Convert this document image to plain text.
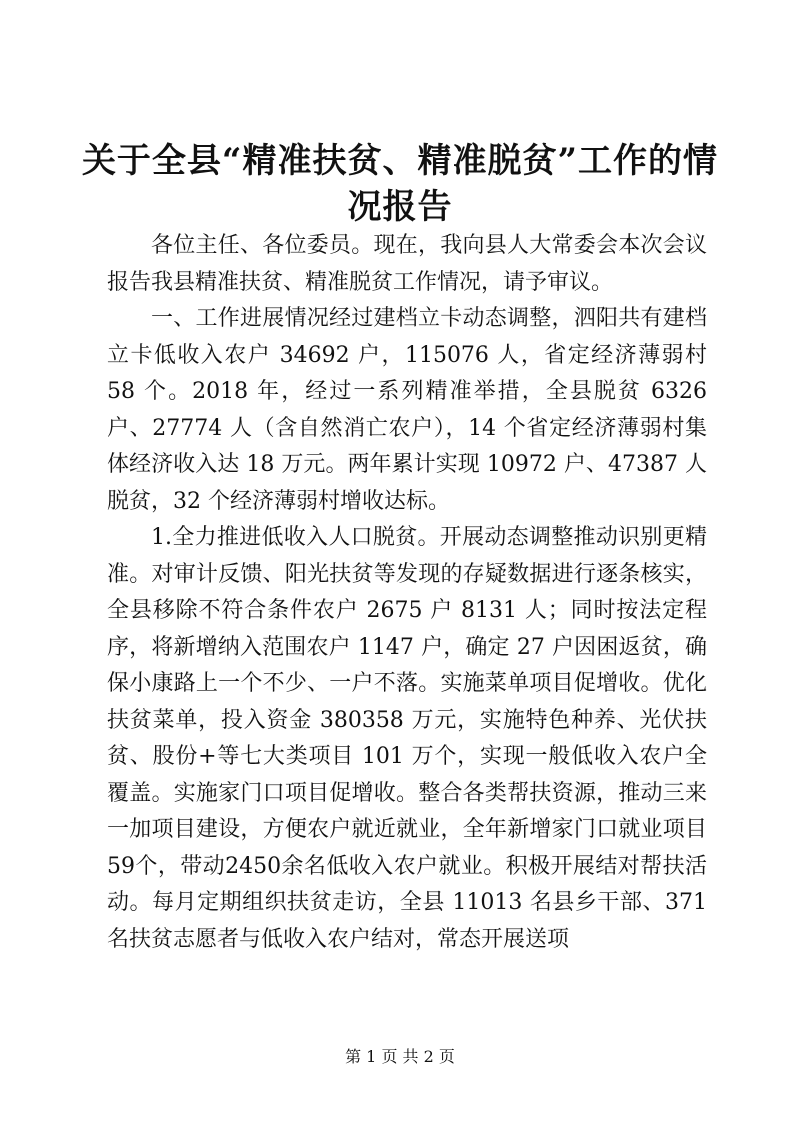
关于全县“精准扶贫、精准脱贫”工作的情况报告

各位主任、各位委员。现在，我向县人大常委会本次会议报告我县精准扶贫、精准脱贫工作情况，请予审议。

一、工作进展情况经过建档立卡动态调整，泗阳共有建档立卡低收入农户 34692 户，115076 人，省定经济薄弱村 58 个。2018 年，经过一系列精准举措，全县脱贫 6326 户、27774 人（含自然消亡农户），14 个省定经济薄弱村集体经济收入达 18 万元。两年累计实现 10972 户、47387 人脱贫，32 个经济薄弱村增收达标。

1.全力推进低收入人口脱贫。开展动态调整推动识别更精准。对审计反馈、阳光扶贫等发现的存疑数据进行逐条核实，全县移除不符合条件农户 2675 户 8131 人；同时按法定程序，将新增纳入范围农户 1147 户，确定 27 户因困返贫，确保小康路上一个不少、一户不落。实施菜单项目促增收。优化扶贫菜单，投入资金 380358 万元，实施特色种养、光伏扶贫、股份+等七大类项目 101 万个，实现一般低收入农户全覆盖。实施家门口项目促增收。整合各类帮扶资源，推动三来一加项目建设，方便农户就近就业，全年新增家门口就业项目59个，带动2450余名低收入农户就业。积极开展结对帮扶活动。每月定期组织扶贫走访，全县 11013 名县乡干部、371 名扶贫志愿者与低收入农户结对，常态开展送项

第 1 页 共 2 页
